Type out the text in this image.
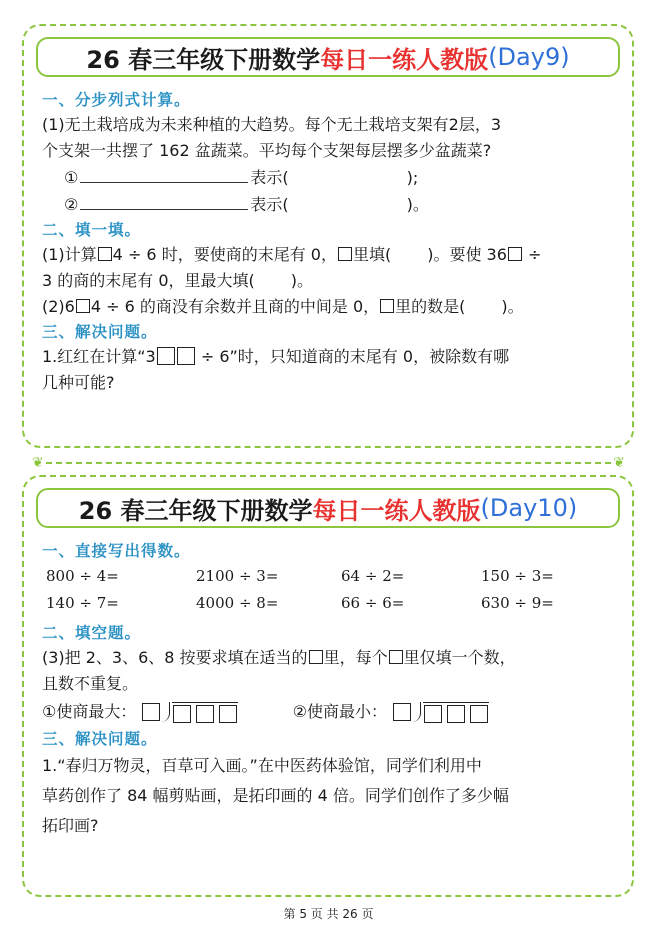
26 春三年级下册数学 每日一练人教版 (Day9)
一、分步列式计算。
(1)无土栽培成为未来种植的大趋势。每个无土栽培支架有2层，3
个支架一共摆了 162 盆蔬菜。平均每个支架每层摆多少盆蔬菜?
①	表示(	);
②	表示(	)。
二、填一填。
(1)计算 4 ÷ 6 时，要使商的末尾有 0， 里填( )。要使 36 ÷
3 的商的末尾有 0，里最大填( )。
(2)6 4 ÷ 6 的商没有余数并且商的中间是 0， 里的数是( )。
三、解决问题。
1.红红在计算“3	÷ 6”时，只知道商的末尾有 0，被除数有哪
几种可能?
❦	❦
26 春三年级下册数学 每日一练人教版 (Day10)
一、直接写出得数。
800 ÷ 4=	2100 ÷ 3=	64 ÷ 2=	150 ÷ 3=
140 ÷ 7=	4000 ÷ 8=	66 ÷ 6=	630 ÷ 9=
二、填空题。
(3)把 2、3、6、8 按要求填在适当的 里，每个 里仅填一个数，
且数不重复。
①使商最大：	②使商最小：
三、解决问题。
1.“春归万物灵，百草可入画。”在中医药体验馆，同学们利用中
草药创作了 84 幅剪贴画，是拓印画的 4 倍。同学们创作了多少幅
拓印画?
第 5 页 共 26 页
